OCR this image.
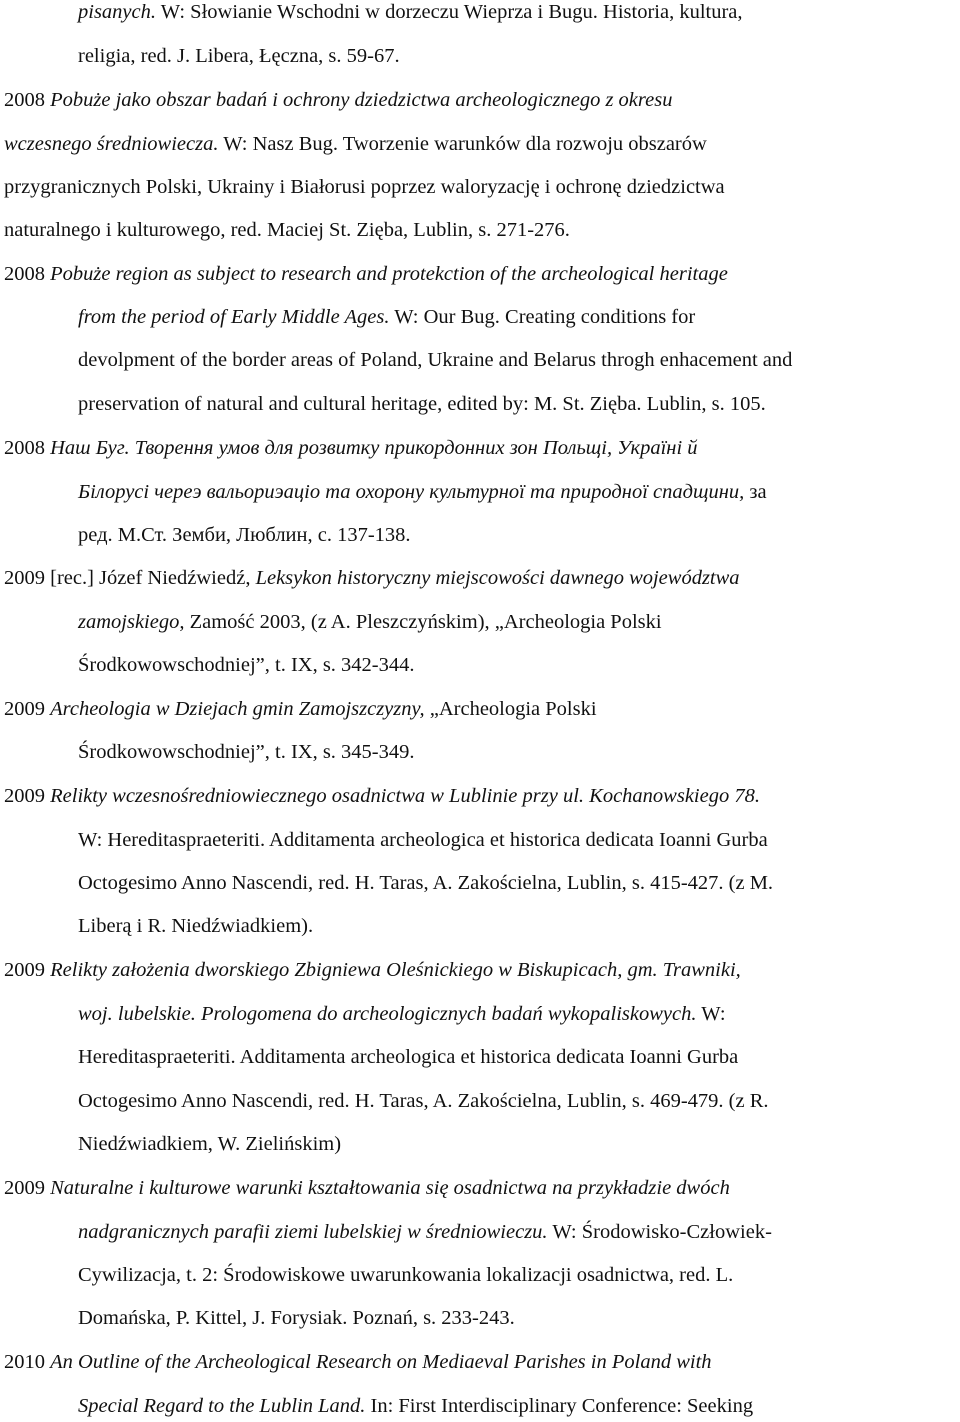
pisanych. W: Słowianie Wschodni w dorzeczu Wieprza i Bugu. Historia, kultura,
religia, red. J. Libera, Łęczna, s. 59-67.
2008 Pobuże jako obszar badań i ochrony dziedzictwa archeologicznego z okresu
wczesnego średniowiecza. W: Nasz Bug. Tworzenie warunków dla rozwoju obszarów
przygranicznych Polski, Ukrainy i Białorusi poprzez waloryzację i ochronę dziedzictwa
naturalnego i kulturowego, red. Maciej St. Zięba, Lublin, s. 271-276.
2008 Pobuże region as subject to research and protekction of the archeological heritage
from the period of Early Middle Ages. W: Our Bug. Creating conditions for
devolpment of the border areas of Poland, Ukraine and Belarus throgh enhacement and
preservation of natural and cultural heritage, edited by: M. St. Zięba. Lublin, s. 105.
2008 Наш Буг. Творення умов для розвитку прикордонних зон Польщі, Україні й
Білорусі череэ вальориэаціо та охорону культурноï та природноï спадщини, за
ред. М.Ст. Земби, Люблин, с. 137-138.
2009 [rec.] Józef Niedźwiedź, Leksykon historyczny miejscowości dawnego województwa
zamojskiego, Zamość 2003, (z A. Pleszczyńskim), „Archeologia Polski
Środkowowschodniej”, t. IX, s. 342-344.
2009 Archeologia w Dziejach gmin Zamojszczyzny, „Archeologia Polski
Środkowowschodniej”, t. IX, s. 345-349.
2009 Relikty wczesnośredniowiecznego osadnictwa w Lublinie przy ul. Kochanowskiego 78.
W: Hereditaspraeteriti. Additamenta archeologica et historica dedicata Ioanni Gurba
Octogesimo Anno Nascendi, red. H. Taras, A. Zakościelna, Lublin, s. 415-427. (z M.
Liberą i R. Niedźwiadkiem).
2009 Relikty założenia dworskiego Zbigniewa Oleśnickiego w Biskupicach, gm. Trawniki,
woj. lubelskie. Prologomena do archeologicznych badań wykopaliskowych. W:
Hereditaspraeteriti. Additamenta archeologica et historica dedicata Ioanni Gurba
Octogesimo Anno Nascendi, red. H. Taras, A. Zakościelna, Lublin, s. 469-479. (z R.
Niedźwiadkiem, W. Zielińskim)
2009 Naturalne i kulturowe warunki kształtowania się osadnictwa na przykładzie dwóch
nadgranicznych parafii ziemi lubelskiej w średniowieczu. W: Środowisko-Człowiek-
Cywilizacja, t. 2: Środowiskowe uwarunkowania lokalizacji osadnictwa, red. L.
Domańska, P. Kittel, J. Forysiak. Poznań, s. 233-243.
2010 An Outline of the Archeological Research on Mediaeval Parishes in Poland with
Special Regard to the Lublin Land. In: First Interdisciplinary Conference: Seeking
